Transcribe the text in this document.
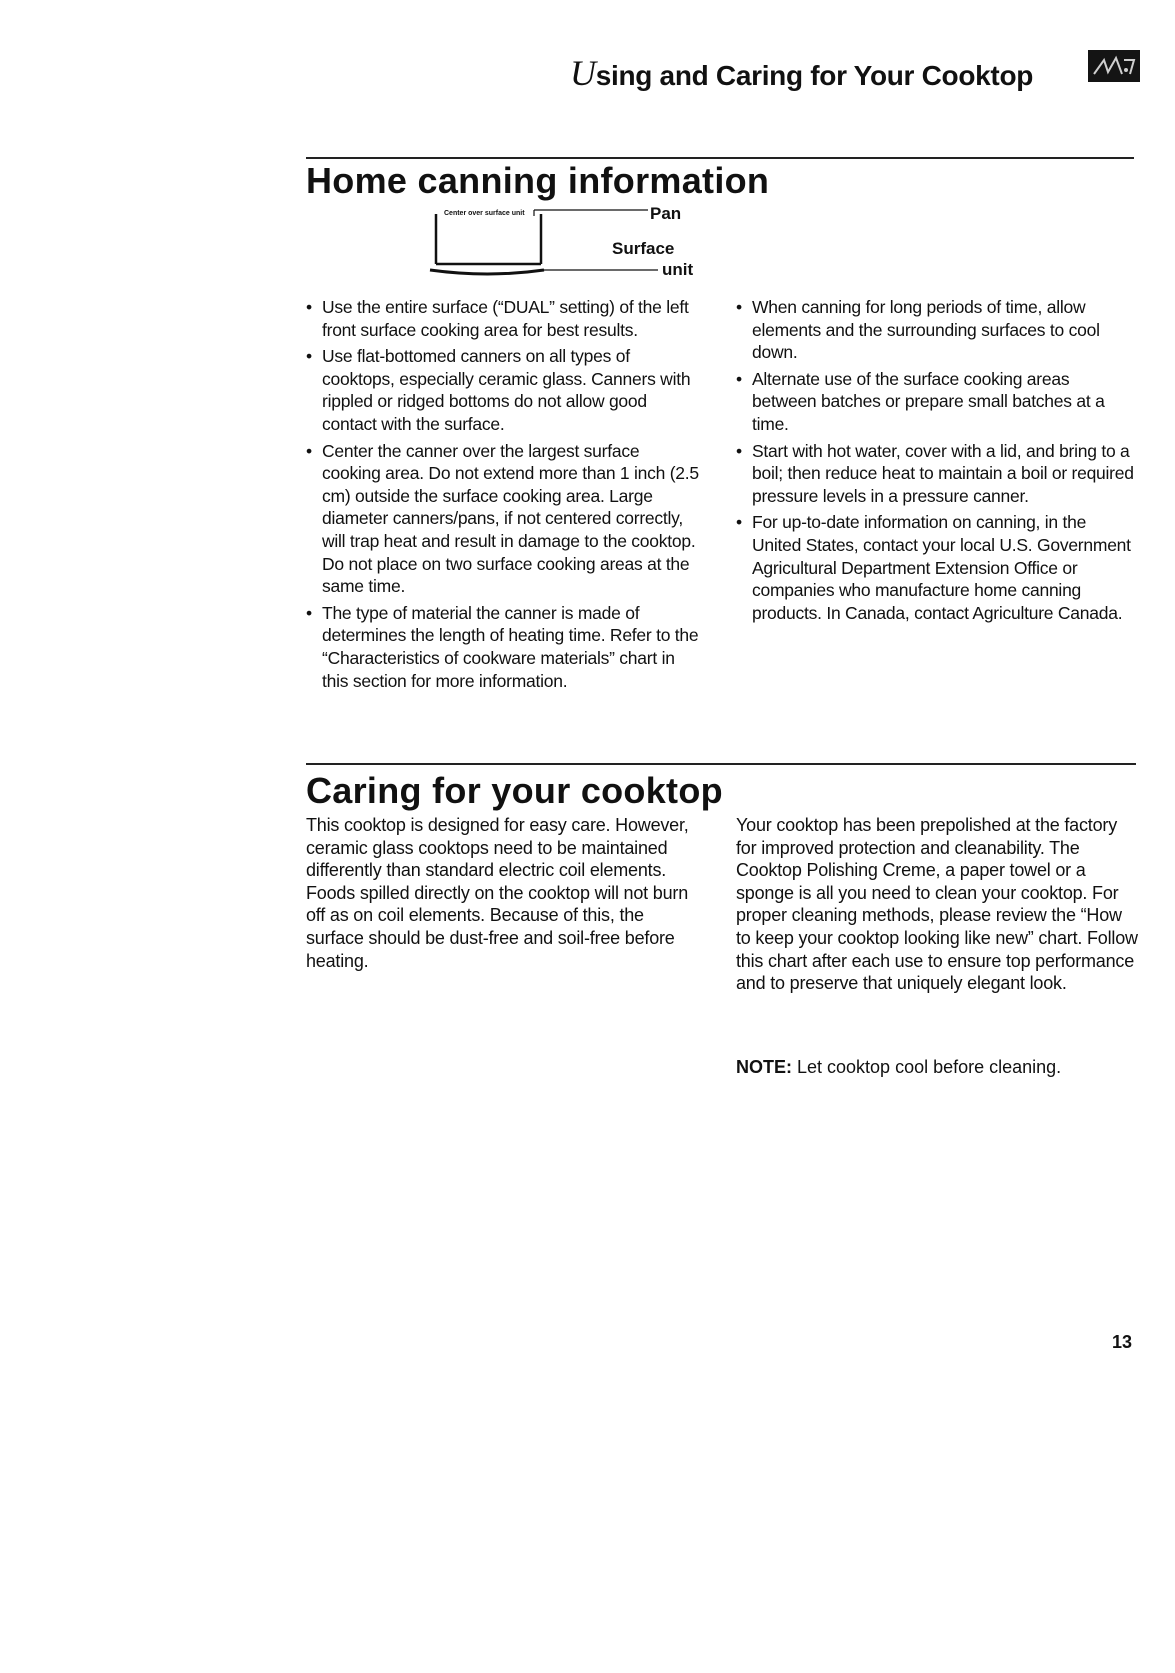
Using and Caring for Your Cooktop
Home canning information
Center over surface unit	Pan
Surface
unit
• Use the entire surface (“DUAL” setting) of the left front surface cooking area for best results.
• Use flat-bottomed canners on all types of cooktops, especially ceramic glass. Canners with rippled or ridged bottoms do not allow good contact with the surface.
• Center the canner over the largest surface cooking area. Do not extend more than 1 inch (2.5 cm) outside the surface cooking area. Large diameter canners/pans, if not centered correctly, will trap heat and result in damage to the cooktop. Do not place on two surface cooking areas at the same time.
• The type of material the canner is made of determines the length of heating time. Refer to the “Characteristics of cookware materials” chart in this section for more information.
• When canning for long periods of time, allow elements and the surrounding surfaces to cool down.
• Alternate use of the surface cooking areas between batches or prepare small batches at a time.
• Start with hot water, cover with a lid, and bring to a boil; then reduce heat to maintain a boil or required pressure levels in a pressure canner.
• For up-to-date information on canning, in the United States, contact your local U.S. Government Agricultural Department Extension Office or companies who manufacture home canning products. In Canada, contact Agriculture Canada.
Caring for your cooktop

This cooktop is designed for easy care. However, ceramic glass cooktops need to be maintained differently than standard electric coil elements. Foods spilled directly on the cooktop will not burn off as on coil elements. Because of this, the surface should be dust-free and soil-free before heating.

Your cooktop has been prepolished at the factory for improved protection and cleanability. The Cooktop Polishing Creme, a paper towel or a sponge is all you need to clean your cooktop. For proper cleaning methods, please review the “How to keep your cooktop looking like new” chart. Follow this chart after each use to ensure top performance and to preserve that uniquely elegant look.

NOTE: Let cooktop cool before cleaning.

13
